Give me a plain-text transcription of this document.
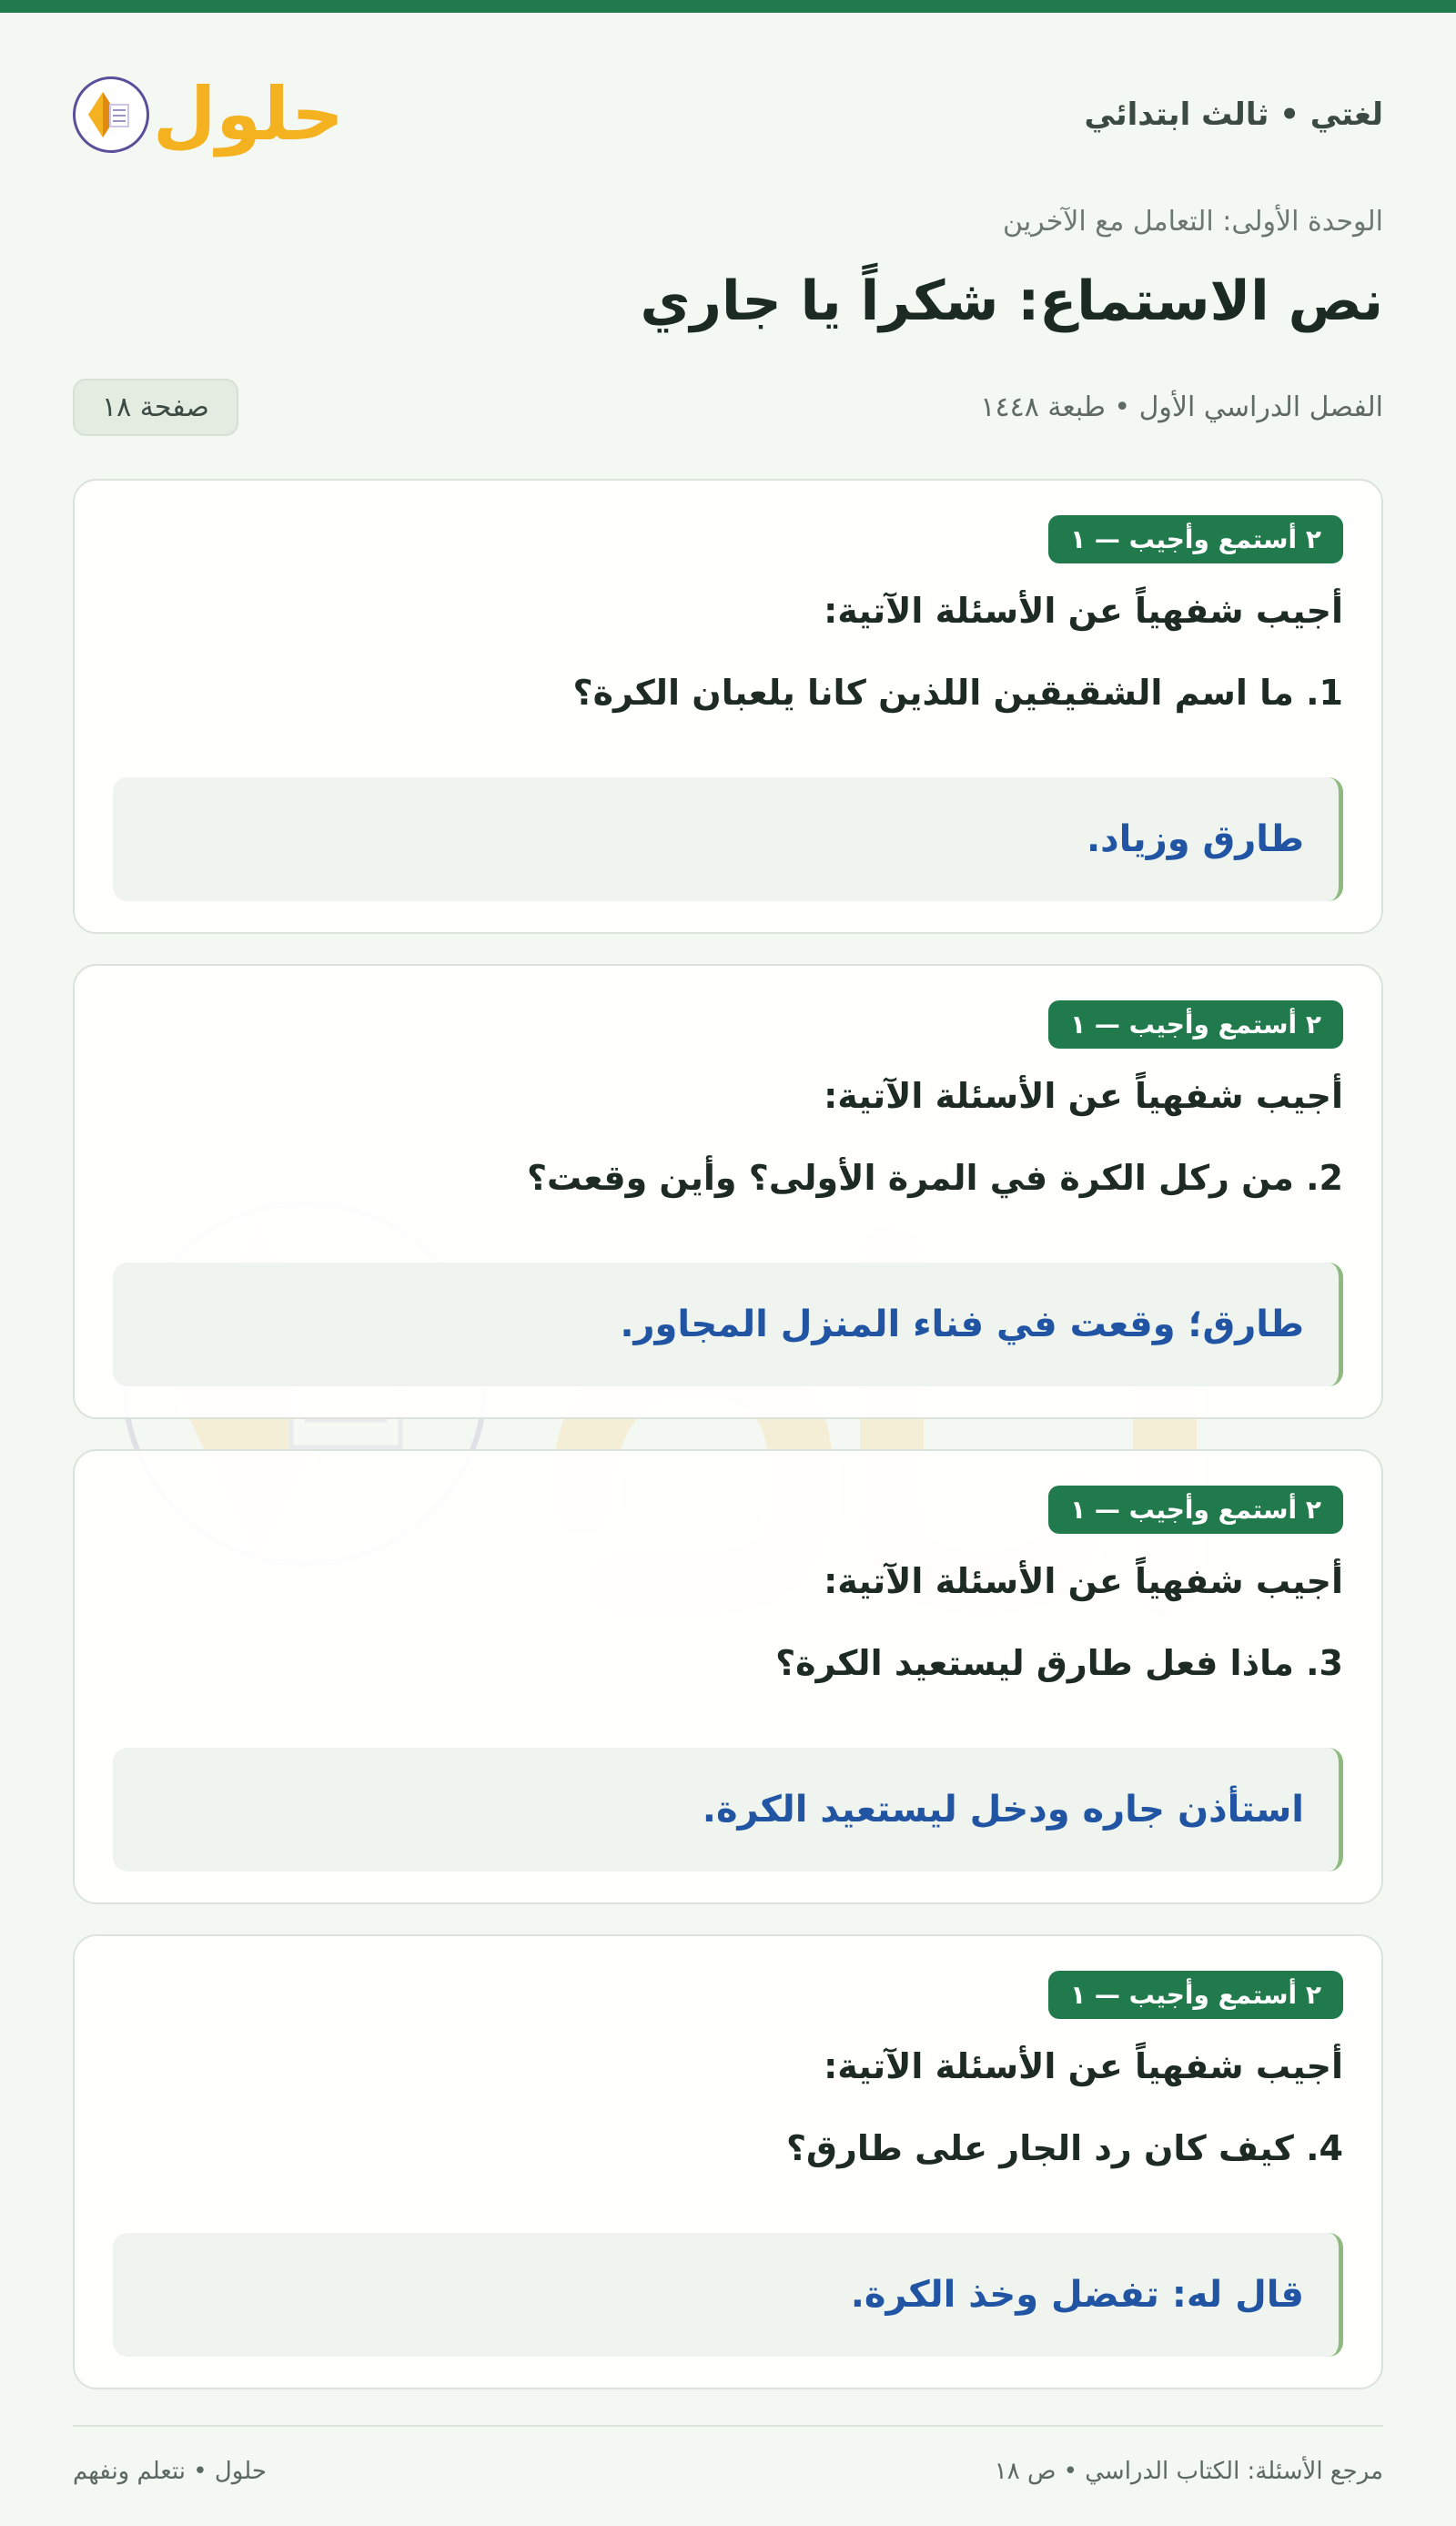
لغتي • ثالث ابتدائي
حلول
الوحدة الأولى: التعامل مع الآخرين
نص الاستماع: شكراً يا جاري
الفصل الدراسي الأول • طبعة ١٤٤٨
صفحة ١٨
٢ أستمع وأجيب — ١
أجيب شفهياً عن الأسئلة الآتية:
1. ما اسم الشقيقين اللذين كانا يلعبان الكرة؟
طارق وزياد.
٢ أستمع وأجيب — ١
أجيب شفهياً عن الأسئلة الآتية:
2. من ركل الكرة في المرة الأولى؟ وأين وقعت؟
طارق؛ وقعت في فناء المنزل المجاور.
٢ أستمع وأجيب — ١
أجيب شفهياً عن الأسئلة الآتية:
3. ماذا فعل طارق ليستعيد الكرة؟
استأذن جاره ودخل ليستعيد الكرة.
٢ أستمع وأجيب — ١
أجيب شفهياً عن الأسئلة الآتية:
4. كيف كان رد الجار على طارق؟
قال له: تفضل وخذ الكرة.
مرجع الأسئلة: الكتاب الدراسي • ص ١٨
حلول • نتعلم ونفهم
